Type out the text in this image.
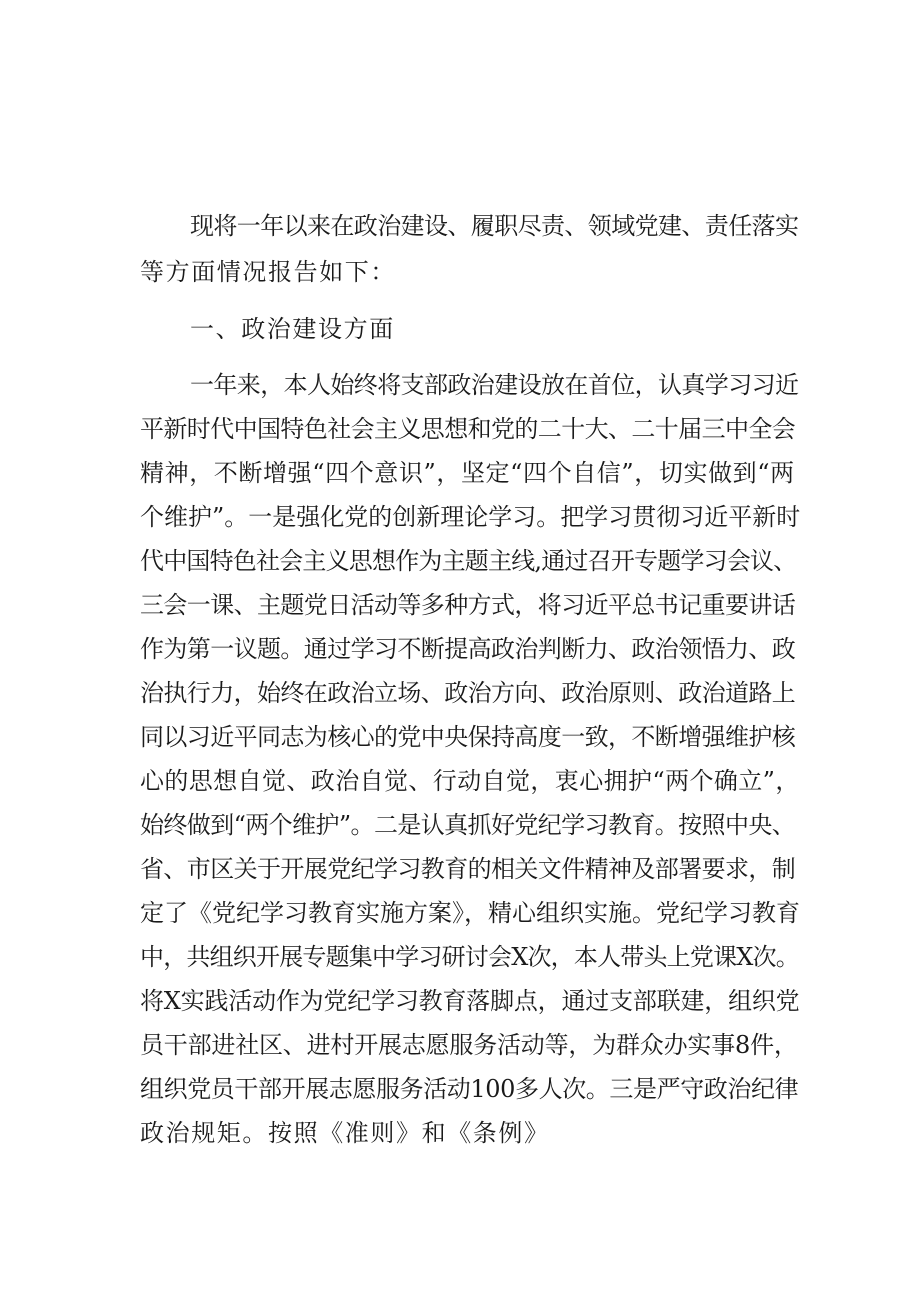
现将一年以来在政治建设、履职尽责、领域党建、责任落实
等方面情况报告如下：
一、政治建设方面
一年来，本人始终将支部政治建设放在首位，认真学习习近
平新时代中国特色社会主义思想和党的二十大、二十届三中全会
精神，不断增强“四个意识”，坚定“四个自信”，切实做到“两
个维护”。一是强化党的创新理论学习。把学习贯彻习近平新时
代中国特色社会主义思想作为主题主线,通过召开专题学习会议、
三会一课、主题党日活动等多种方式，将习近平总书记重要讲话
作为第一议题。通过学习不断提高政治判断力、政治领悟力、政
治执行力，始终在政治立场、政治方向、政治原则、政治道路上
同以习近平同志为核心的党中央保持高度一致，不断增强维护核
心的思想自觉、政治自觉、行动自觉，衷心拥护“两个确立”，
始终做到“两个维护”。二是认真抓好党纪学习教育。按照中央、
省、市区关于开展党纪学习教育的相关文件精神及部署要求，制
定了《党纪学习教育实施方案》，精心组织实施。党纪学习教育
中，共组织开展专题集中学习研讨会X次，本人带头上党课X次。
将X实践活动作为党纪学习教育落脚点，通过支部联建，组织党
员干部进社区、进村开展志愿服务活动等，为群众办实事8件，
组织党员干部开展志愿服务活动100多人次。三是严守政治纪律
政治规矩。按照《准则》和《条例》
